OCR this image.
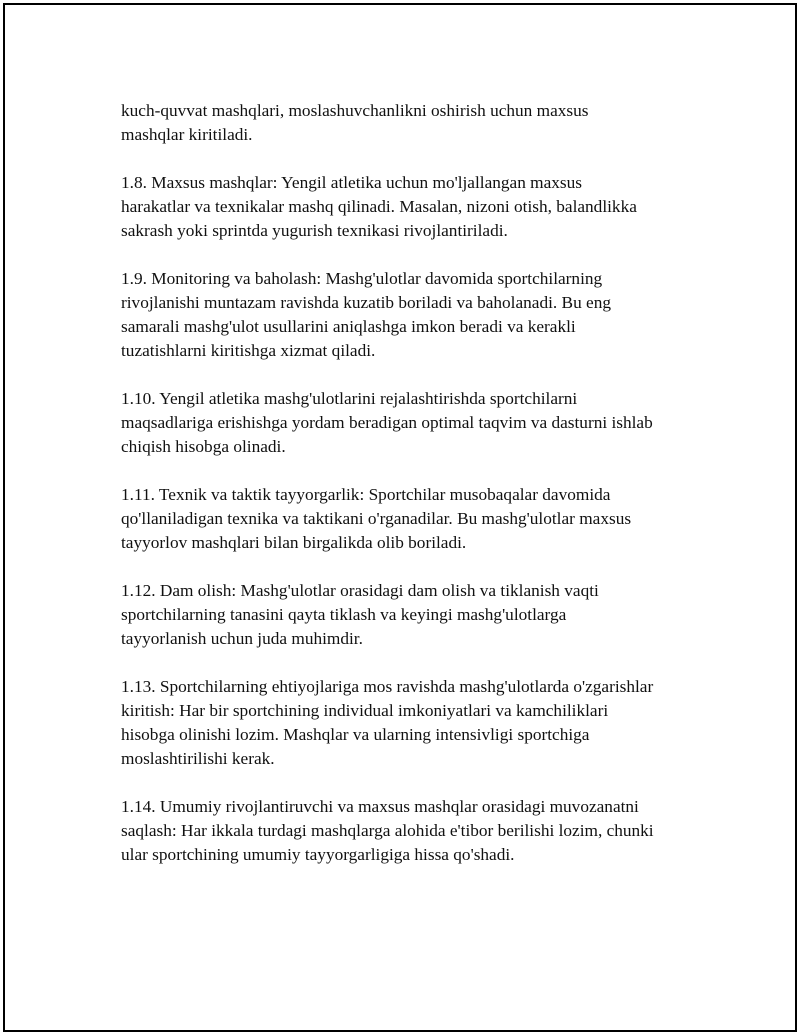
kuch-quvvat mashqlari, moslashuvchanlikni oshirish uchun maxsus
mashqlar kiritiladi.
1.8. Maxsus mashqlar: Yengil atletika uchun mo'ljallangan maxsus
harakatlar va texnikalar mashq qilinadi. Masalan, nizoni otish, balandlikka
sakrash yoki sprintda yugurish texnikasi rivojlantiriladi.
1.9. Monitoring va baholash: Mashg'ulotlar davomida sportchilarning
rivojlanishi muntazam ravishda kuzatib boriladi va baholanadi. Bu eng
samarali mashg'ulot usullarini aniqlashga imkon beradi va kerakli
tuzatishlarni kiritishga xizmat qiladi.
1.10. Yengil atletika mashg'ulotlarini rejalashtirishda sportchilarni
maqsadlariga erishishga yordam beradigan optimal taqvim va dasturni ishlab
chiqish hisobga olinadi.
1.11. Texnik va taktik tayyorgarlik: Sportchilar musobaqalar davomida
qo'llaniladigan texnika va taktikani o'rganadilar. Bu mashg'ulotlar maxsus
tayyorlov mashqlari bilan birgalikda olib boriladi.
1.12. Dam olish: Mashg'ulotlar orasidagi dam olish va tiklanish vaqti
sportchilarning tanasini qayta tiklash va keyingi mashg'ulotlarga
tayyorlanish uchun juda muhimdir.
1.13. Sportchilarning ehtiyojlariga mos ravishda mashg'ulotlarda o'zgarishlar
kiritish: Har bir sportchining individual imkoniyatlari va kamchiliklari
hisobga olinishi lozim. Mashqlar va ularning intensivligi sportchiga
moslashtirilishi kerak.
1.14. Umumiy rivojlantiruvchi va maxsus mashqlar orasidagi muvozanatni
saqlash: Har ikkala turdagi mashqlarga alohida e'tibor berilishi lozim, chunki
ular sportchining umumiy tayyorgarligiga hissa qo'shadi.
